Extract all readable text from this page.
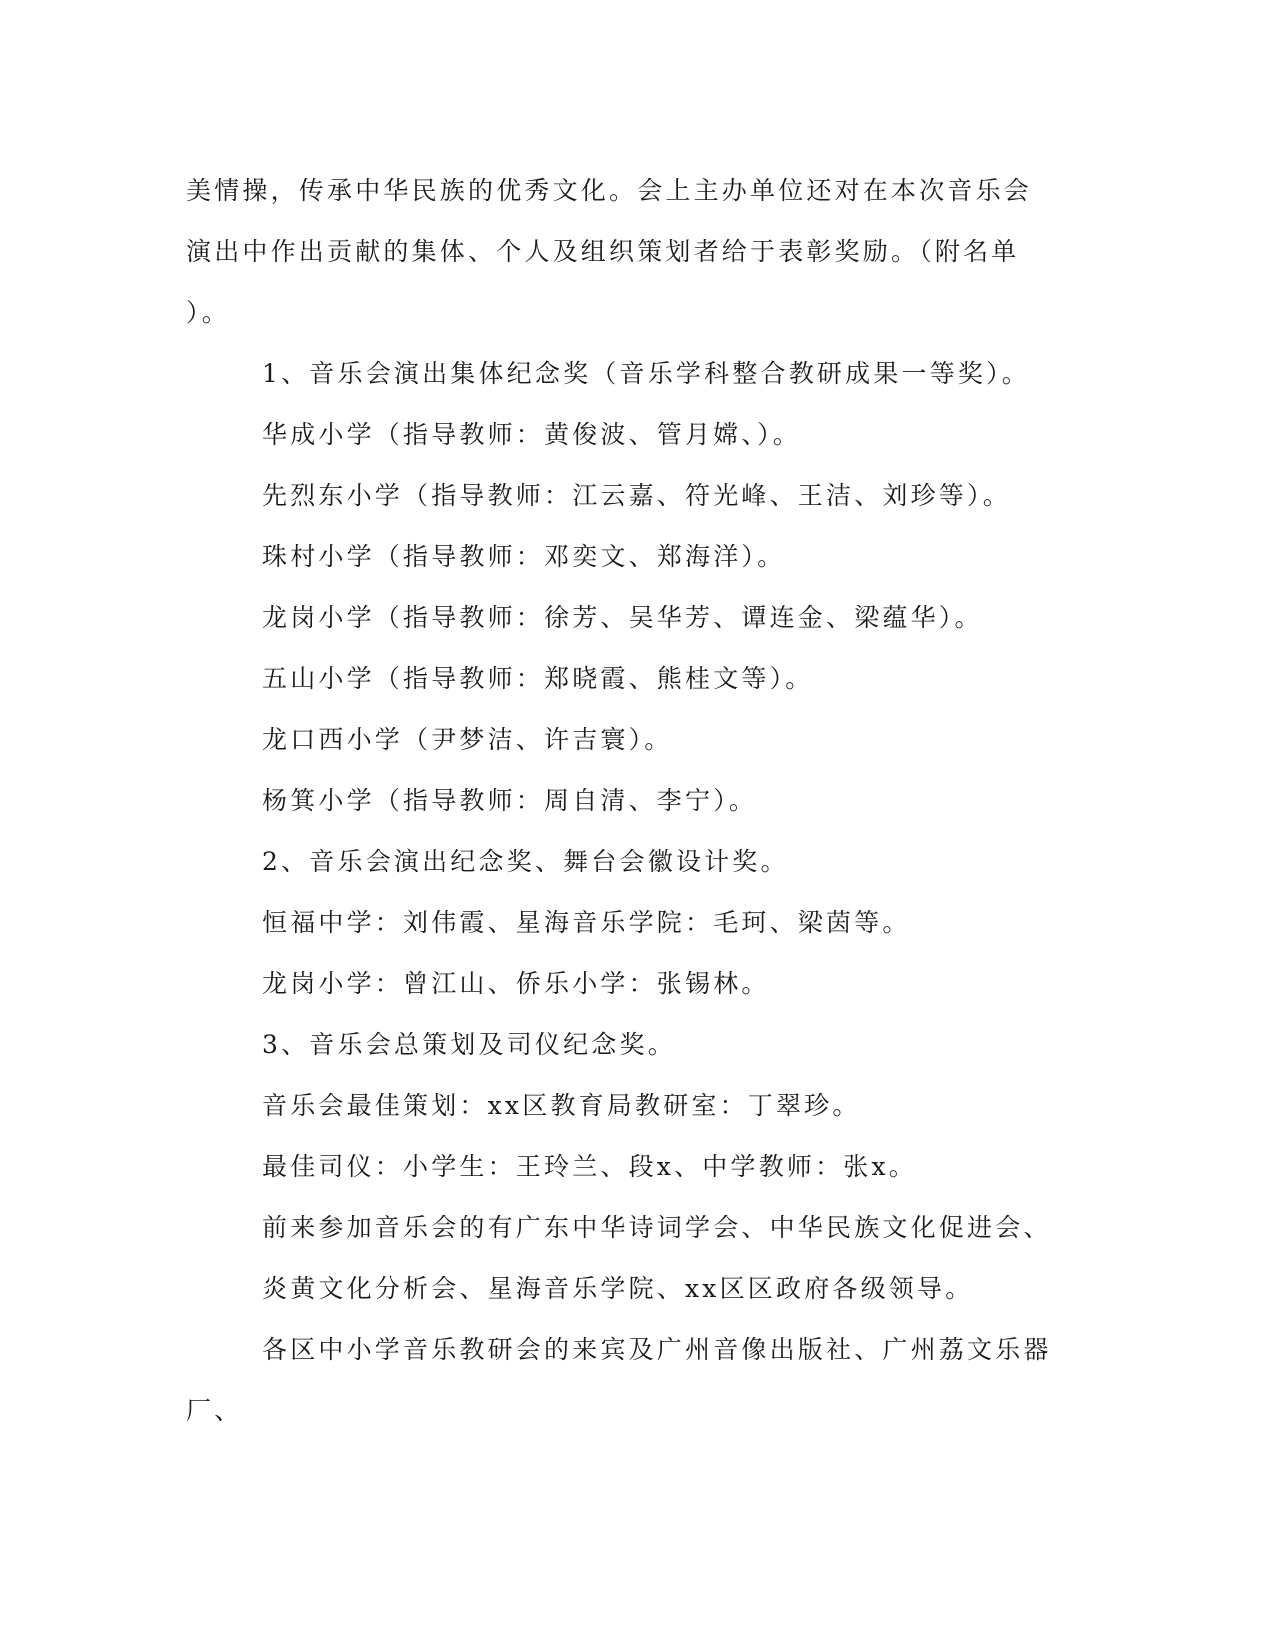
美情操，传承中华民族的优秀文化。会上主办单位还对在本次音乐会
演出中作出贡献的集体、个人及组织策划者给于表彰奖励。（附名单
）。
1、音乐会演出集体纪念奖（音乐学科整合教研成果一等奖）。
华成小学（指导教师：黄俊波、管月嫦、）。
先烈东小学（指导教师：江云嘉、符光峰、王洁、刘珍等）。
珠村小学（指导教师：邓奕文、郑海洋）。
龙岗小学（指导教师：徐芳、吴华芳、谭连金、梁蕴华）。
五山小学（指导教师：郑晓霞、熊桂文等）。
龙口西小学（尹梦洁、许吉寰）。
杨箕小学（指导教师：周自清、李宁）。
2、音乐会演出纪念奖、舞台会徽设计奖。
恒福中学：刘伟霞、星海音乐学院：毛珂、梁茵等。
龙岗小学：曾江山、侨乐小学：张锡林。
3、音乐会总策划及司仪纪念奖。
音乐会最佳策划：xx区教育局教研室：丁翠珍。
最佳司仪：小学生：王玲兰、段x、中学教师：张x。
前来参加音乐会的有广东中华诗词学会、中华民族文化促进会、
炎黄文化分析会、星海音乐学院、xx区区政府各级领导。
各区中小学音乐教研会的来宾及广州音像出版社、广州荔文乐器
厂、
